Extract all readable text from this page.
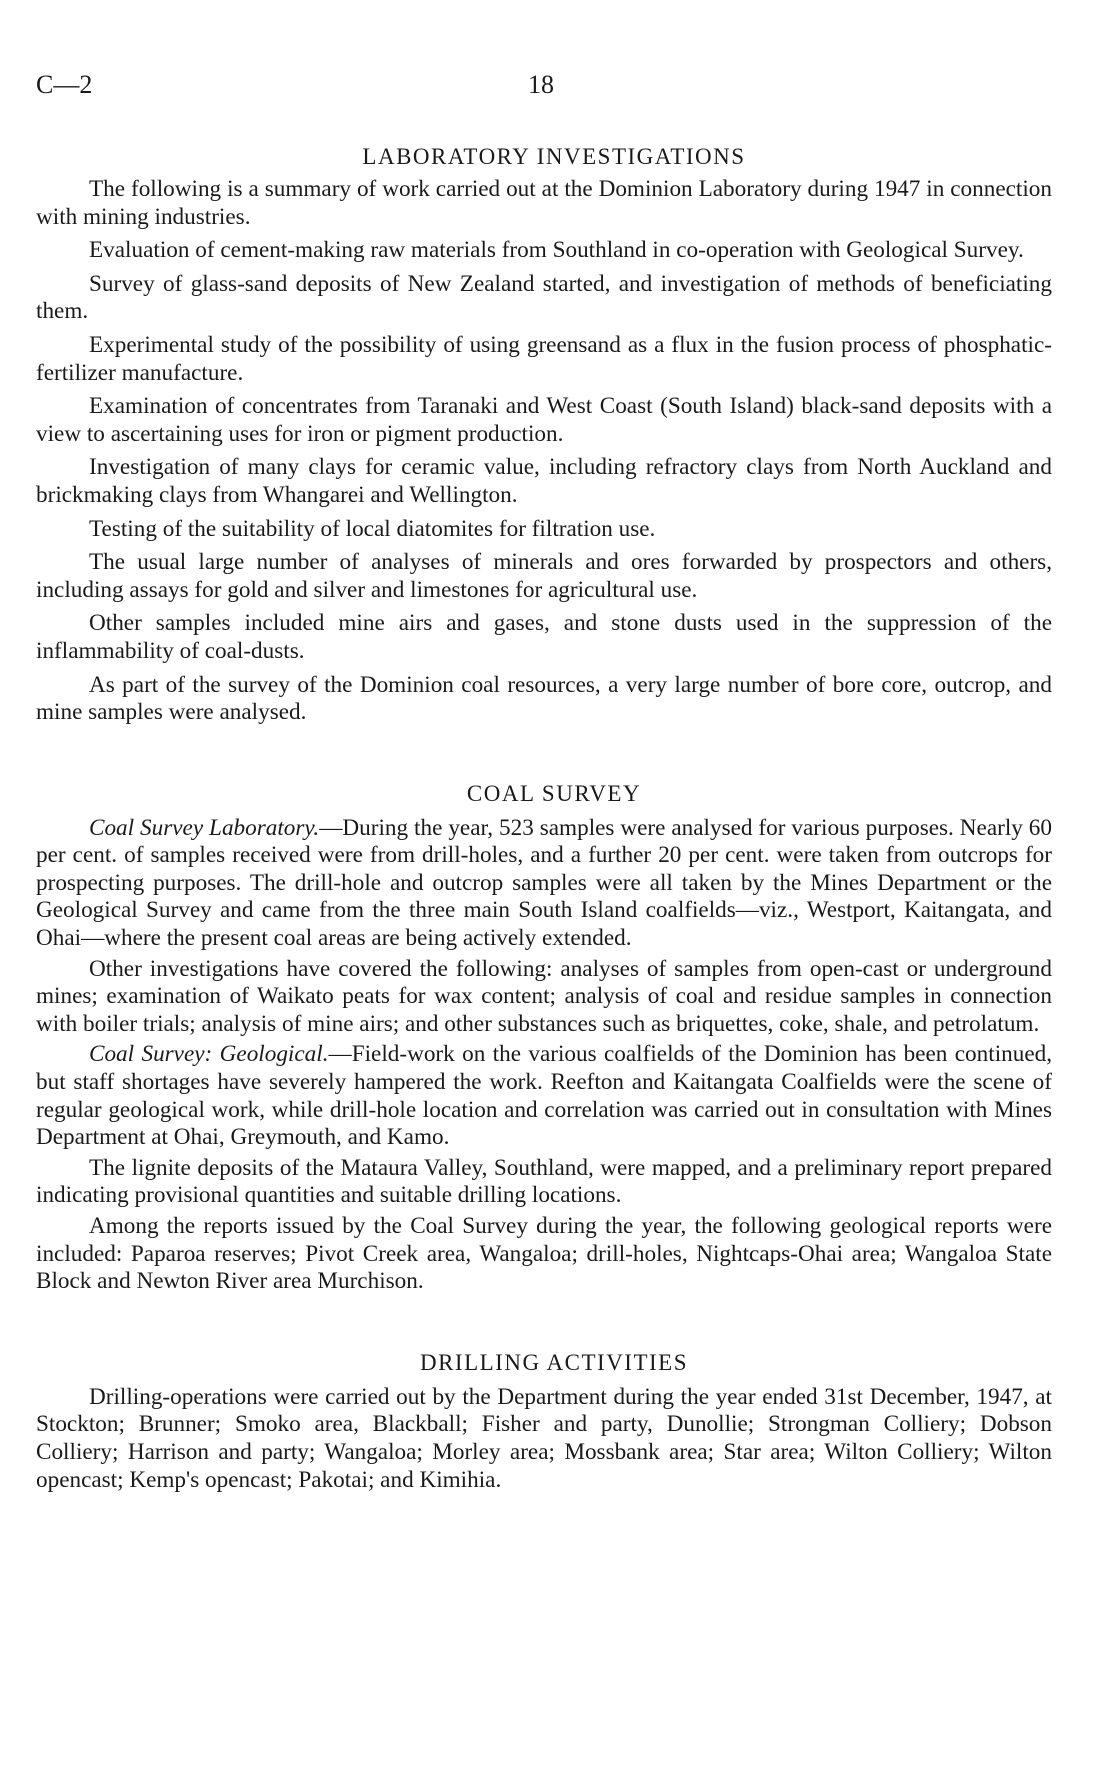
C—2	18
LABORATORY INVESTIGATIONS

The following is a summary of work carried out at the Dominion Laboratory during 1947 in connection with mining industries.

Evaluation of cement-making raw materials from Southland in co-operation with Geological Survey.

Survey of glass-sand deposits of New Zealand started, and investigation of methods of beneficiating them.

Experimental study of the possibility of using greensand as a flux in the fusion process of phosphatic-fertilizer manufacture.

Examination of concentrates from Taranaki and West Coast (South Island) black-sand deposits with a view to ascertaining uses for iron or pigment production.

Investigation of many clays for ceramic value, including refractory clays from North Auckland and brickmaking clays from Whangarei and Wellington.

Testing of the suitability of local diatomites for filtration use.

The usual large number of analyses of minerals and ores forwarded by prospectors and others, including assays for gold and silver and limestones for agricultural use.

Other samples included mine airs and gases, and stone dusts used in the suppression of the inflammability of coal-dusts.

As part of the survey of the Dominion coal resources, a very large number of bore core, outcrop, and mine samples were analysed.

COAL SURVEY

Coal Survey Laboratory.—During the year, 523 samples were analysed for various purposes. Nearly 60 per cent. of samples received were from drill-holes, and a further 20 per cent. were taken from outcrops for prospecting purposes. The drill-hole and outcrop samples were all taken by the Mines Department or the Geological Survey and came from the three main South Island coalfields—viz., Westport, Kaitangata, and Ohai—where the present coal areas are being actively extended.

Other investigations have covered the following: analyses of samples from open-cast or underground mines; examination of Waikato peats for wax content; analysis of coal and residue samples in connection with boiler trials; analysis of mine airs; and other substances such as briquettes, coke, shale, and petrolatum.

Coal Survey: Geological.—Field-work on the various coalfields of the Dominion has been continued, but staff shortages have severely hampered the work. Reefton and Kaitangata Coalfields were the scene of regular geological work, while drill-hole location and correlation was carried out in consultation with Mines Department at Ohai, Greymouth, and Kamo.

The lignite deposits of the Mataura Valley, Southland, were mapped, and a preliminary report prepared indicating provisional quantities and suitable drilling locations.

Among the reports issued by the Coal Survey during the year, the following geological reports were included: Paparoa reserves; Pivot Creek area, Wangaloa; drill-holes, Nightcaps-Ohai area; Wangaloa State Block and Newton River area Murchison.

DRILLING ACTIVITIES

Drilling-operations were carried out by the Department during the year ended 31st December, 1947, at Stockton; Brunner; Smoko area, Blackball; Fisher and party, Dunollie; Strongman Colliery; Dobson Colliery; Harrison and party; Wangaloa; Morley area; Mossbank area; Star area; Wilton Colliery; Wilton opencast; Kemp's opencast; Pakotai; and Kimihia.
